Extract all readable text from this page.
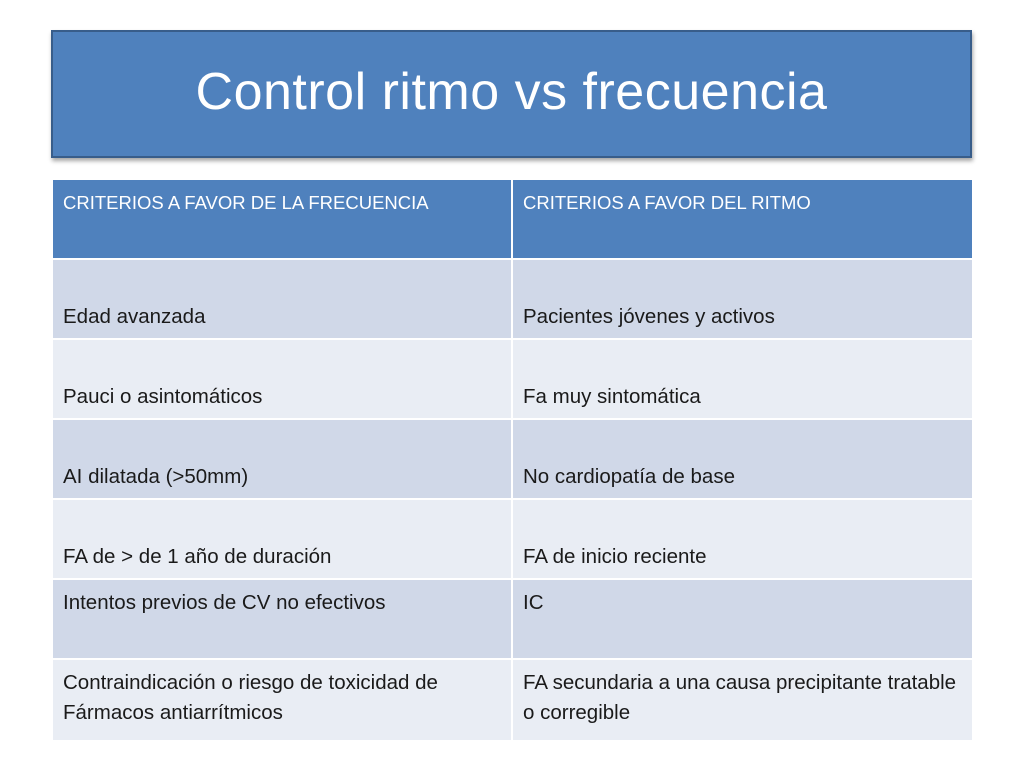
Control ritmo vs frecuencia
CRITERIOS A FAVOR DE LA FRECUENCIA	CRITERIOS A FAVOR DEL RITMO
Edad avanzada	Pacientes jóvenes y activos
Pauci o asintomáticos	Fa muy sintomática
AI dilatada (>50mm)	No cardiopatía de base
FA de > de 1 año de duración	FA de inicio reciente
Intentos previos de CV no efectivos	IC
Contraindicación o riesgo de toxicidad de Fármacos antiarrítmicos	FA secundaria a una causa precipitante tratable o corregible
